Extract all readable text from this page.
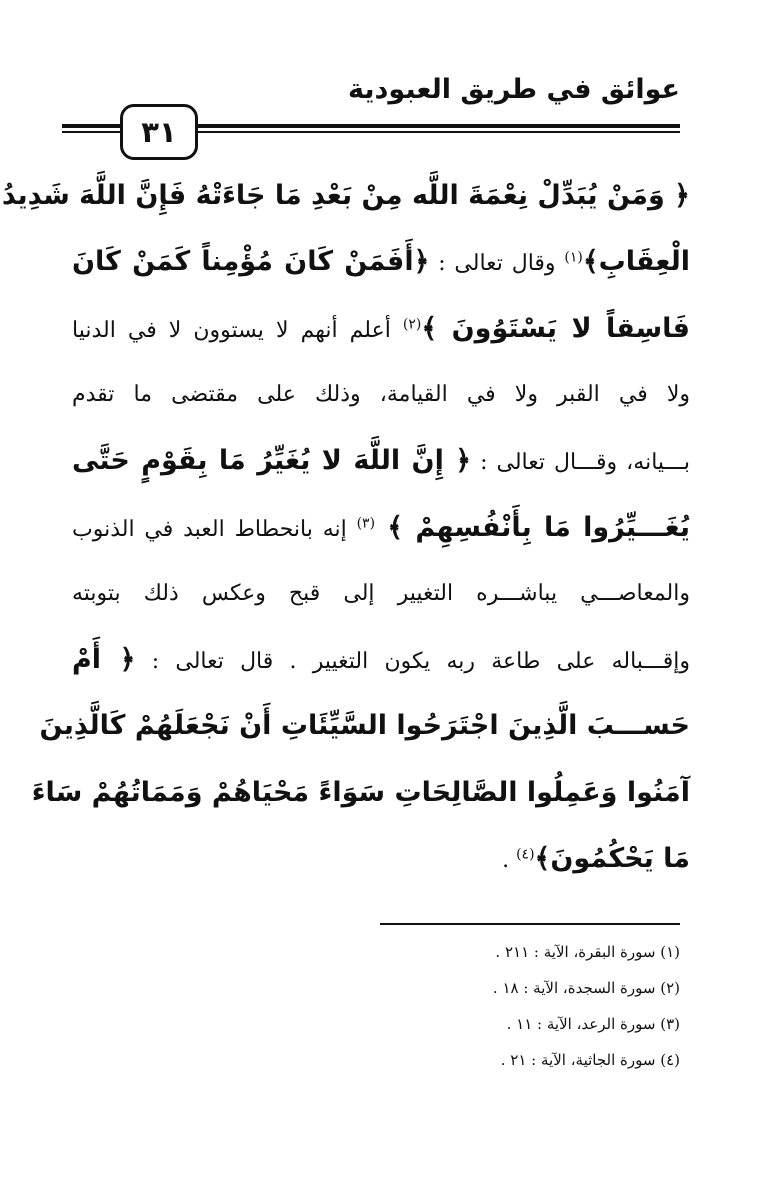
عوائق في طريق العبودية
٣١
﴿ وَمَنْ يُبَدِّلْ نِعْمَةَ اللَّه مِنْ بَعْدِ مَا جَاءَتْهُ فَإِنَّ اللَّهَ شَدِيدُ
الْعِقَابِ﴾$^{(١)}$ وقال تعالى : ﴿أَفَمَنْ كَانَ مُؤْمِناً كَمَنْ كَانَ
فَاسِقاً لا يَسْتَوُونَ ﴾$^{(٢)}$ أعلم أنهم لا يستوون لا في الدنيا
ولا في القبر ولا في القيامة، وذلك على مقتضى ما تقدم
بـــيانه، وقـــال تعالى : ﴿ إِنَّ اللَّهَ لا يُغَيِّرُ مَا بِقَوْمٍ حَتَّى
يُغَـــيِّرُوا مَا بِأَنْفُسِهِمْ ﴾ $^{(٣)}$ إنه بانحطاط العبد في الذنوب
والمعاصـــي يباشـــره التغيير إلى قبح وعكس ذلك بتوبته
وإقـــباله على طاعة ربه يكون التغيير . قال تعالى : ﴿ أَمْ
حَســـبَ الَّذِينَ اجْتَرَحُوا السَّيِّئَاتِ أَنْ نَجْعَلَهُمْ كَالَّذِينَ
آمَنُوا وَعَمِلُوا الصَّالِحَاتِ سَوَاءً مَحْيَاهُمْ وَمَمَاتُهُمْ سَاءَ
مَا يَحْكُمُونَ﴾$^{(٤)}$ .
(١) سورة البقرة، الآية : ٢١١ .
(٢) سورة السجدة، الآية : ١٨ .
(٣) سورة الرعد، الآية : ١١ .
(٤) سورة الجاثية، الآية : ٢١ .
